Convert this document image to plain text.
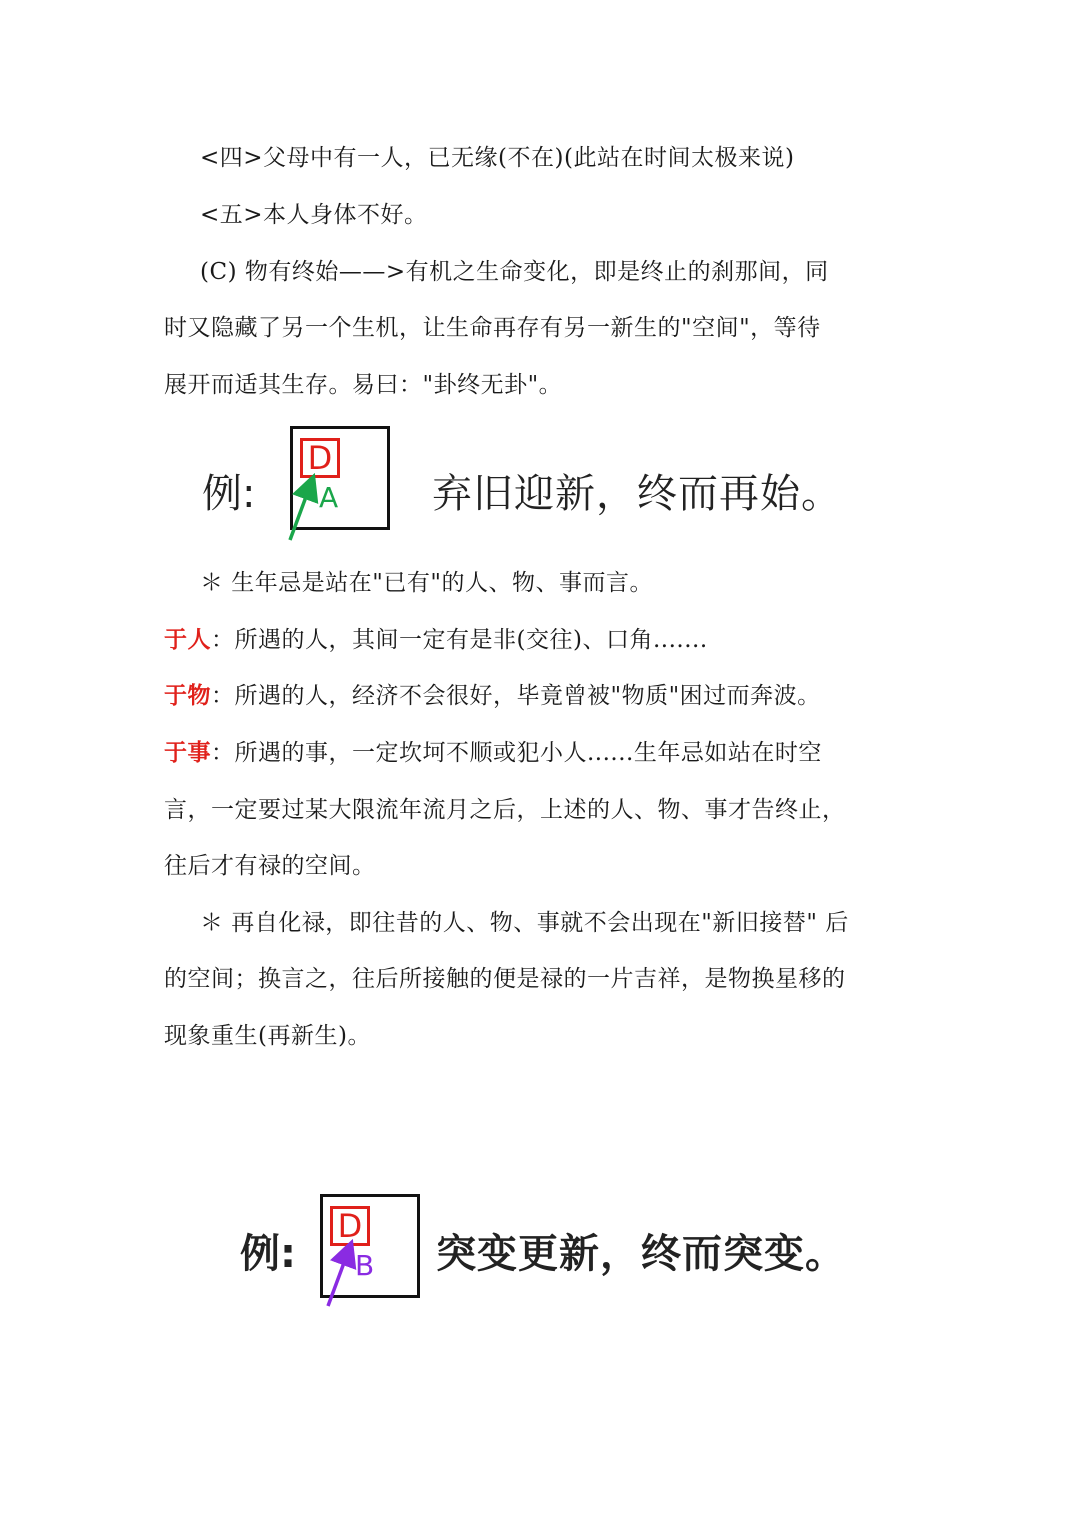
<四>父母中有一人，已无缘(不在)(此站在时间太极来说)
<五>本人身体不好。
(C) 物有终始——>有机之生命变化，即是终止的刹那间，同
时又隐藏了另一个生机，让生命再存有另一新生的"空间"，等待
展开而适其生存。易曰："卦终无卦"。
例:
D
A 弃旧迎新，终而再始。
＊ 生年忌是站在"已有"的人、物、事而言。
于人：所遇的人，其间一定有是非(交往)、口角.......
于物：所遇的人，经济不会很好，毕竟曾被"物质"困过而奔波。
于事：所遇的事，一定坎坷不顺或犯小人......生年忌如站在时空
言，一定要过某大限流年流月之后，上述的人、物、事才告终止，
往后才有禄的空间。
＊ 再自化禄，即往昔的人、物、事就不会出现在"新旧接替" 后
的空间；换言之，往后所接触的便是禄的一片吉祥，是物换星移的
现象重生(再新生)。
例:
D
B 突变更新，终而突变。
